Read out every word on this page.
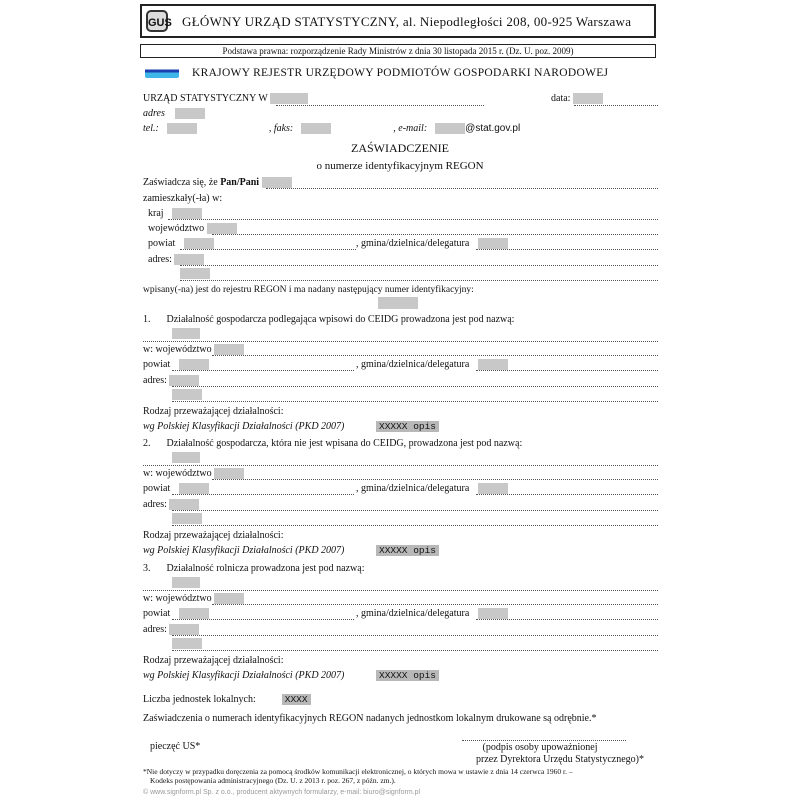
GUS GŁÓWNY URZĄD STATYSTYCZNY, al. Niepodległości 208, 00-925 Warszawa
Podstawa prawna: rozporządzenie Rady Ministrów z dnia 30 listopada 2015 r. (Dz. U. poz. 2009)
KRAJOWY REJESTR URZĘDOWY PODMIOTÓW GOSPODARKI NARODOWEJ
URZĄD STATYSTYCZNY W	data:
adres
tel.:	, faks:	, e-mail:	@stat.gov.pl
ZAŚWIADCZENIE
o numerze identyfikacyjnym REGON
Zaświadcza się, że Pan/Pani
zamieszkały(-ła) w:
kraj
województwo
powiat	, gmina/dzielnica/delegatura
adres:
wpisany(-na) jest do rejestru REGON i ma nadany następujący numer identyfikacyjny:
1. Działalność gospodarcza podlegająca wpisowi do CEIDG prowadzona jest pod nazwą:
w: województwo
powiat	, gmina/dzielnica/delegatura
adres:
Rodzaj przeważającej działalności:
wg Polskiej Klasyfikacji Działalności (PKD 2007)	XXXXX opis
2. Działalność gospodarcza, która nie jest wpisana do CEIDG, prowadzona jest pod nazwą:
w: województwo
powiat	, gmina/dzielnica/delegatura
adres:
Rodzaj przeważającej działalności:
wg Polskiej Klasyfikacji Działalności (PKD 2007)	XXXXX opis
3. Działalność rolnicza prowadzona jest pod nazwą:
w: województwo
powiat	, gmina/dzielnica/delegatura
adres:
Rodzaj przeważającej działalności:
wg Polskiej Klasyfikacji Działalności (PKD 2007)	XXXXX opis
Liczba jednostek lokalnych:	XXXX
Zaświadczenia o numerach identyfikacyjnych REGON nadanych jednostkom lokalnym drukowane są odrębnie.*
pieczęć US*	(podpis osoby upoważnionej
przez Dyrektora Urzędu Statystycznego)*
*Nie dotyczy w przypadku doręczenia za pomocą środków komunikacji elektronicznej, o których mowa w ustawie z dnia 14 czerwca 1960 r. –
Kodeks postępowania administracyjnego (Dz. U. z 2013 r. poz. 267, z późn. zm.).
© www.signform.pl Sp. z o.o., producent aktywnych formularzy, e-mail: biuro@signform.pl
